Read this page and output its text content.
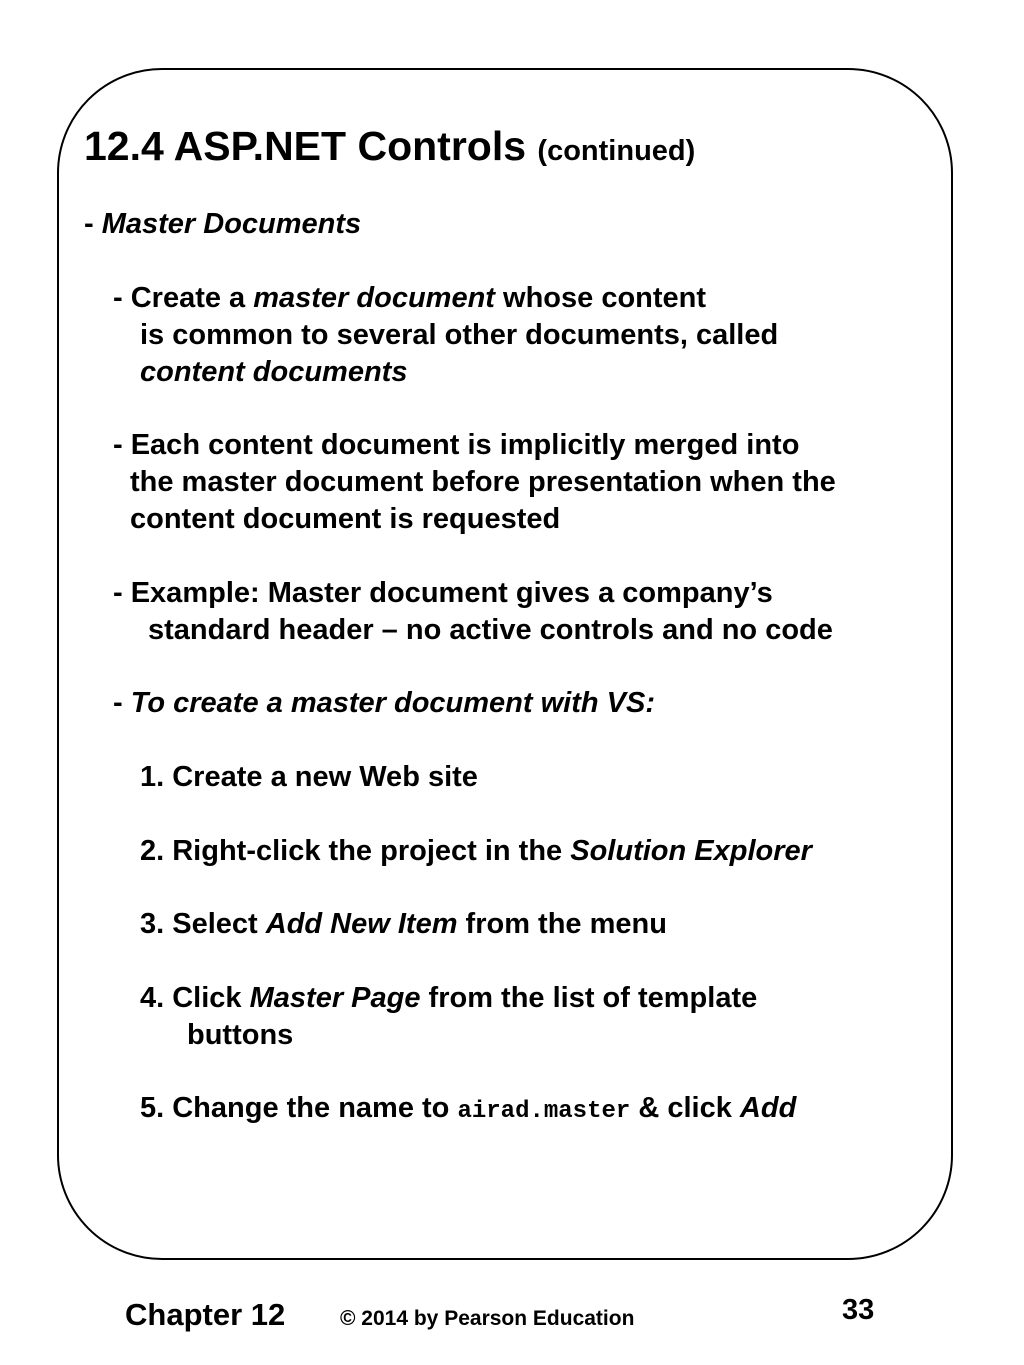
12.4 ASP.NET Controls (continued)
- Master Documents
- Create a master document whose content
is common to several other documents, called
content documents
- Each content document is implicitly merged into
the master document before presentation when the
content document is requested
- Example: Master document gives a company’s
standard header – no active controls and no code
- To create a master document with VS:
1. Create a new Web site
2. Right-click the project in the Solution Explorer
3. Select Add New Item from the menu
4. Click Master Page from the list of template
buttons
5. Change the name to airad.master & click Add
Chapter 12	© 2014 by Pearson Education	33
